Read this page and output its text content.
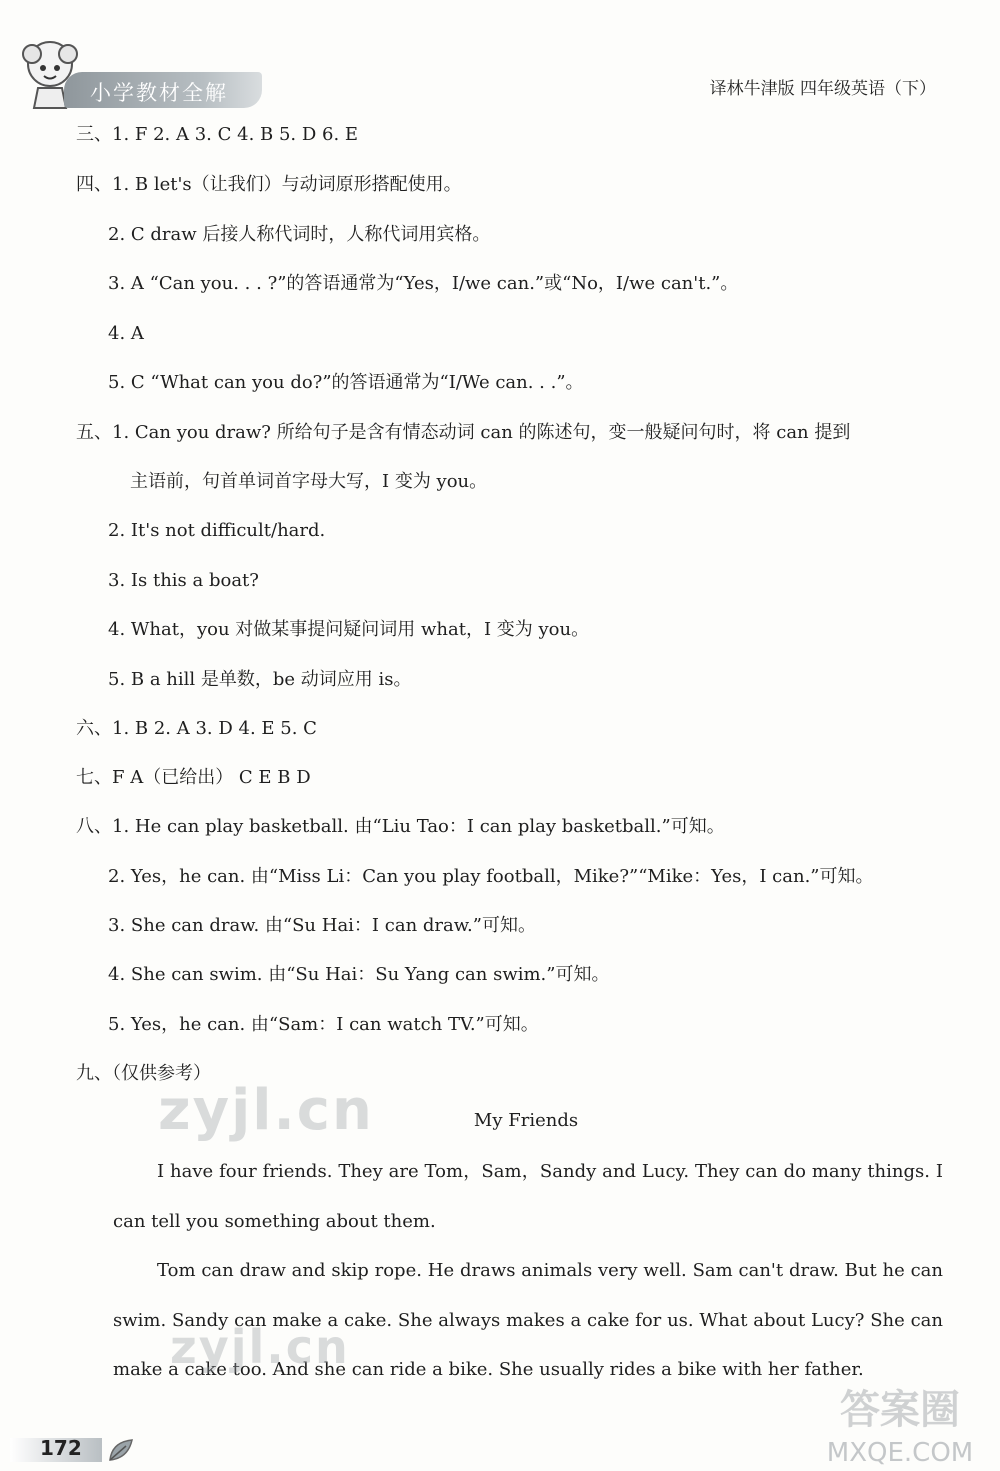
小学教材全解	译林牛津版 四年级英语（下）
三、1. F 2. A 3. C 4. B 5. D 6. E
四、1. B let's（让我们）与动词原形搭配使用。
2. C draw 后接人称代词时，人称代词用宾格。
3. A “Can you. . . ?”的答语通常为“Yes，I/we can.”或“No，I/we can't.”。
4. A
5. C “What can you do?”的答语通常为“I/We can. . .”。
五、1. Can you draw? 所给句子是含有情态动词 can 的陈述句，变一般疑问句时，将 can 提到
主语前，句首单词首字母大写，I 变为 you。
2. It's not difficult/hard.
3. Is this a boat?
4. What，you 对做某事提问疑问词用 what，I 变为 you。
5. B a hill 是单数，be 动词应用 is。
六、1. B 2. A 3. D 4. E 5. C
七、F A（已给出） C E B D
八、1. He can play basketball. 由“Liu Tao：I can play basketball.”可知。
2. Yes，he can. 由“Miss Li：Can you play football，Mike?”“Mike：Yes，I can.”可知。
3. She can draw. 由“Su Hai：I can draw.”可知。
4. She can swim. 由“Su Hai：Su Yang can swim.”可知。
5. Yes，he can. 由“Sam：I can watch TV.”可知。
九、（仅供参考）
My Friends
I have four friends. They are Tom，Sam，Sandy and Lucy. They can do many things. I can tell you something about them.
Tom can draw and skip rope. He draws animals very well. Sam can't draw. But he can swim. Sandy can make a cake. She always makes a cake for us. What about Lucy? She can make a cake too. And she can ride a bike. She usually rides a bike with her father.
zyjl.cn
zyjl.cn
答案圈
MXQE.COM
172
